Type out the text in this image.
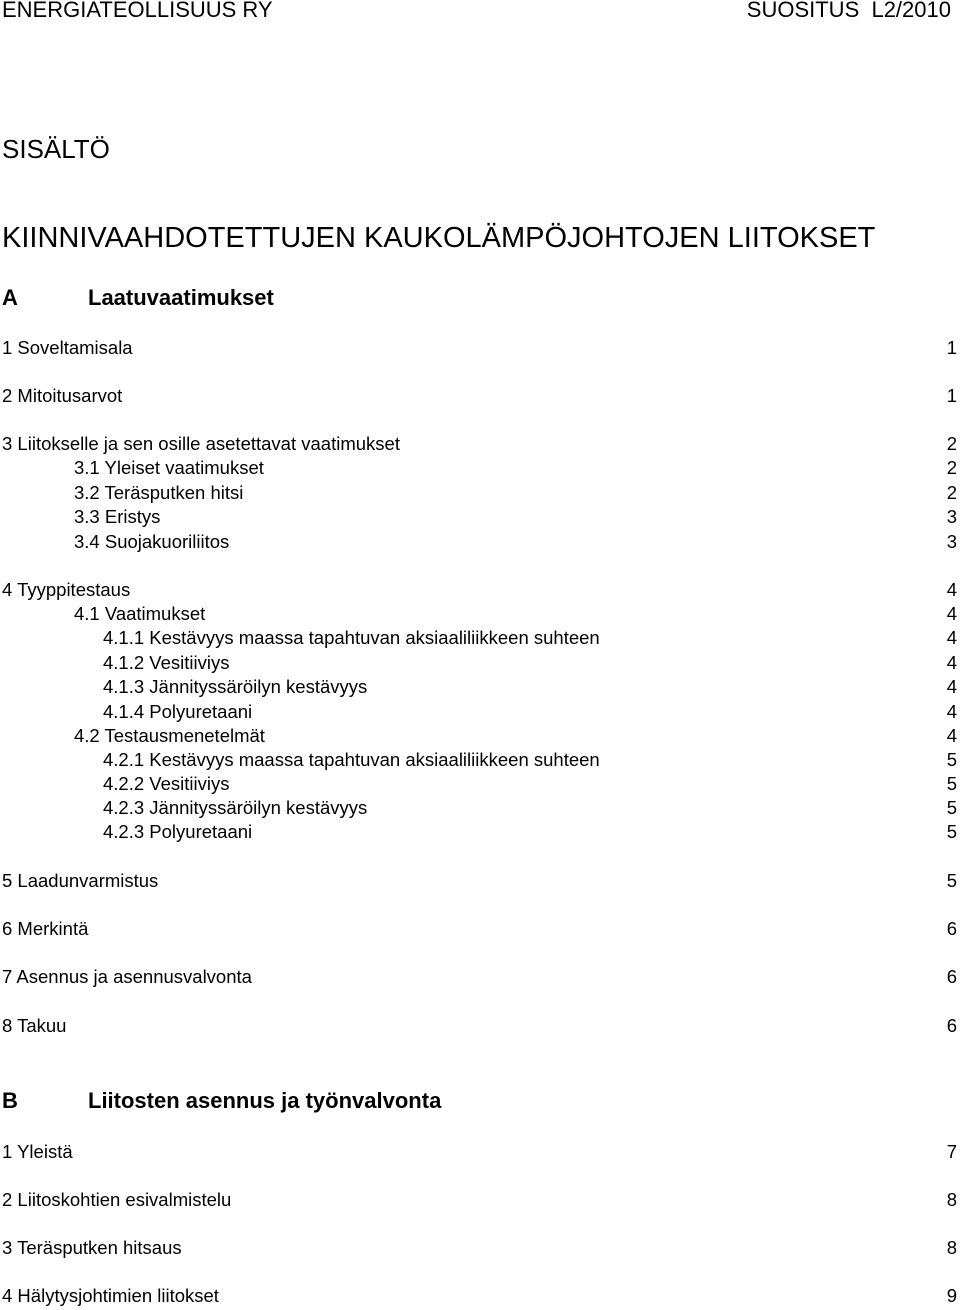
ENERGIATEOLLISUUS RY	SUOSITUS  L2/2010
SISÄLTÖ
KIINNIVAAHDOTETTUJEN KAUKOLÄMPÖJOHTOJEN LIITOKSET
A	Laatuvaatimukset
B	Liitosten asennus ja työnvalvonta
1 Soveltamisala	1
2 Mitoitusarvot	1
3 Liitokselle ja sen osille asetettavat vaatimukset	2
3.1 Yleiset vaatimukset	2
3.2 Teräsputken hitsi	2
3.3 Eristys	3
3.4 Suojakuoriliitos	3
4 Tyyppitestaus	4
4.1 Vaatimukset	4
4.1.1 Kestävyys maassa tapahtuvan aksiaaliliikkeen suhteen	4
4.1.2 Vesitiiviys	4
4.1.3 Jännityssäröilyn kestävyys	4
4.1.4 Polyuretaani	4
4.2 Testausmenetelmät	4
4.2.1 Kestävyys maassa tapahtuvan aksiaaliliikkeen suhteen	5
4.2.2 Vesitiiviys	5
4.2.3 Jännityssäröilyn kestävyys	5
4.2.3 Polyuretaani	5
5 Laadunvarmistus	5
6 Merkintä	6
7 Asennus ja asennusvalvonta	6
8 Takuu	6
1 Yleistä	7
2 Liitoskohtien esivalmistelu	8
3 Teräsputken hitsaus	8
4 Hälytysjohtimien liitokset	9
